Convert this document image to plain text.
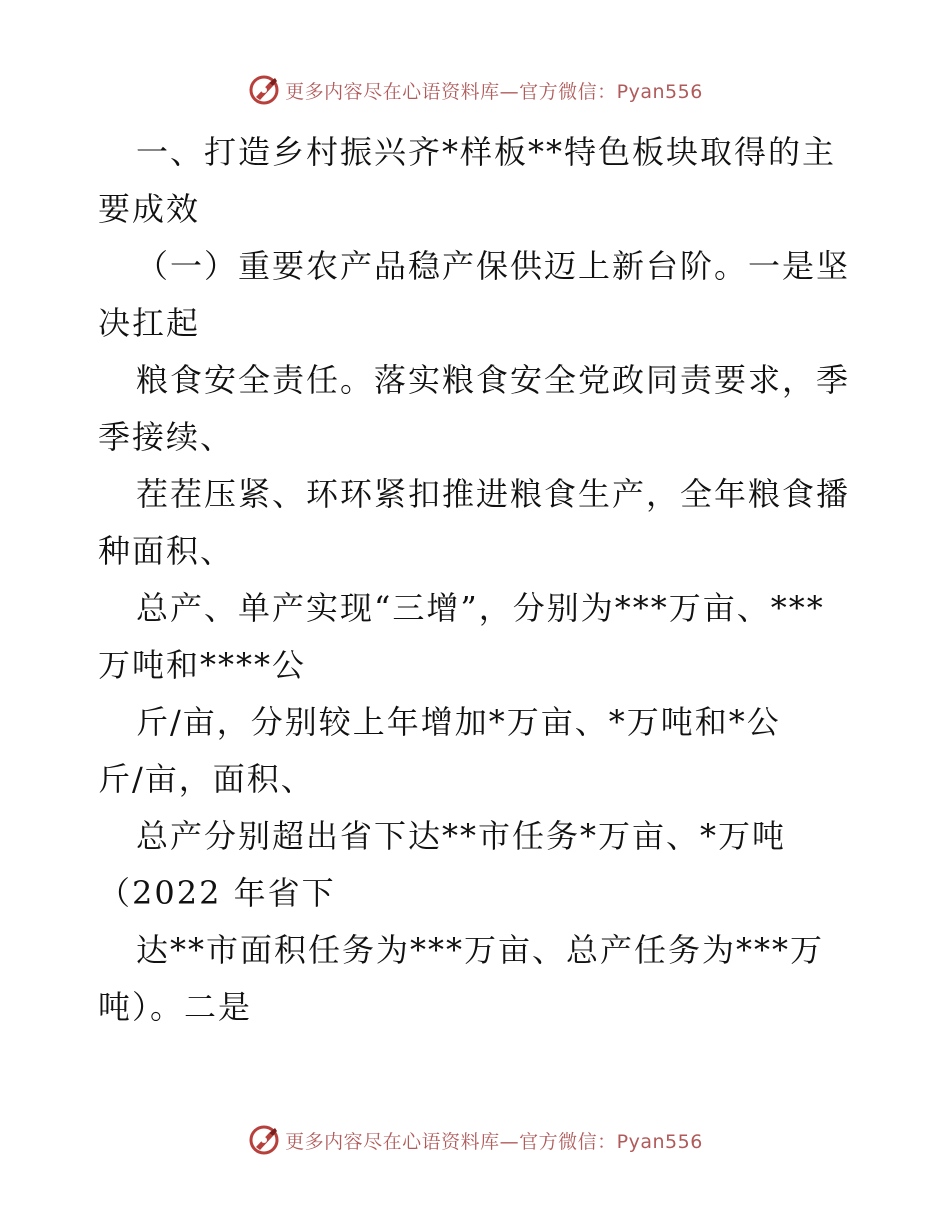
更多内容尽在心语资料库—官方微信：Pyan556
一、打造乡村振兴齐*样板**特色板块取得的主
要成效
（一）重要农产品稳产保供迈上新台阶。一是坚
决扛起
粮食安全责任。落实粮食安全党政同责要求，季
季接续、
茬茬压紧、环环紧扣推进粮食生产，全年粮食播
种面积、
总产、单产实现“三增”，分别为***万亩、***
万吨和****公
斤/亩，分别较上年增加*万亩、*万吨和*公
斤/亩，面积、
总产分别超出省下达**市任务*万亩、*万吨
（2022 年省下
达**市面积任务为***万亩、总产任务为***万
吨）。二是
更多内容尽在心语资料库—官方微信：Pyan556
